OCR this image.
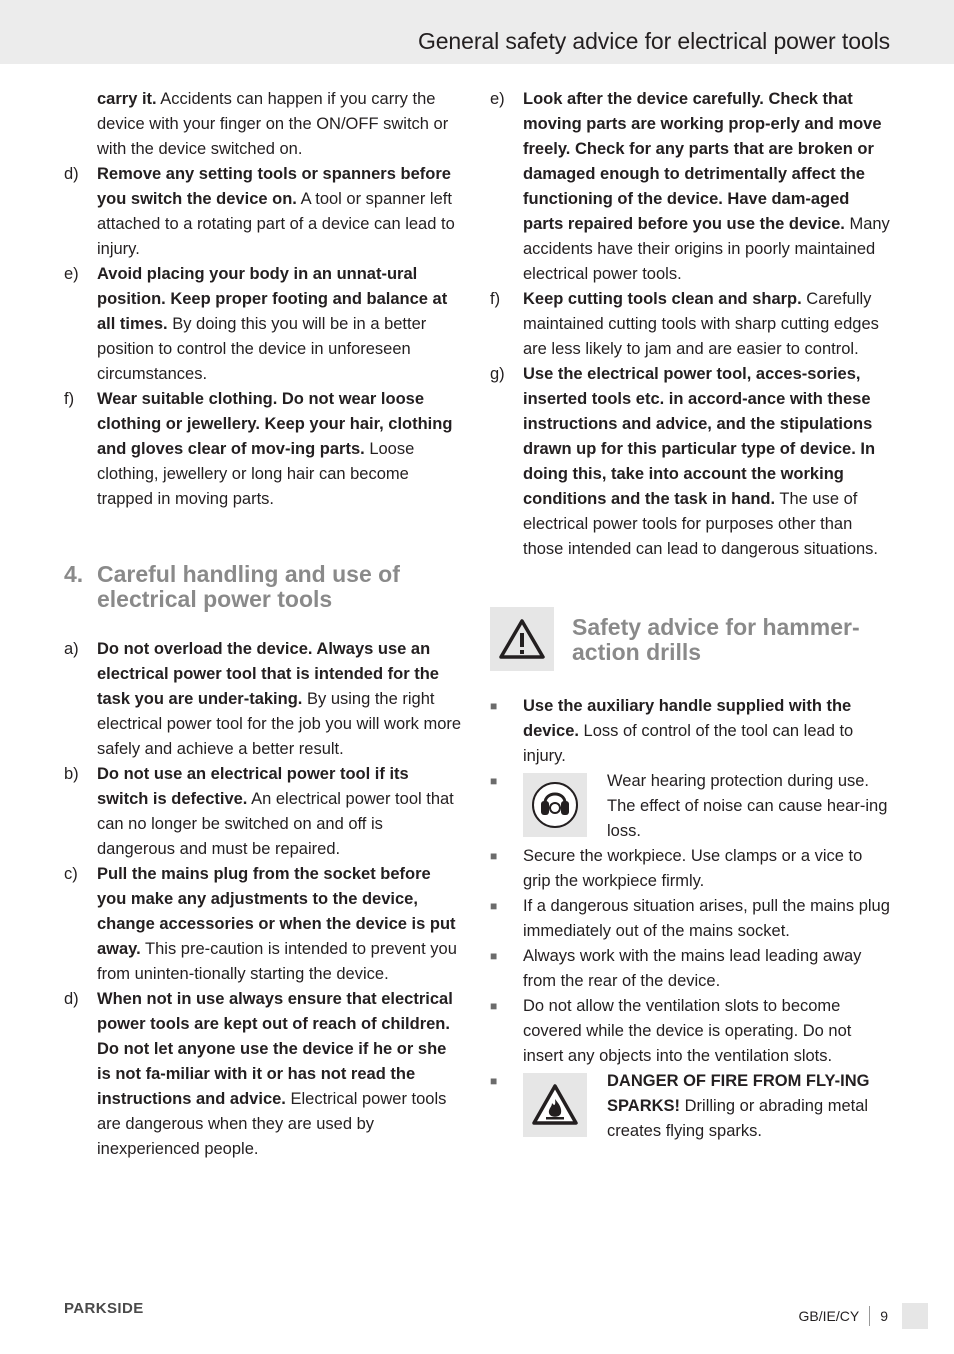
General safety advice for electrical power tools
carry it. Accidents can happen if you carry the device with your finger on the ON/OFF switch or with the device switched on.
d)	Remove any setting tools or spanners before you switch the device on. A tool or spanner left attached to a rotating part of a device can lead to injury.
e)	Avoid placing your body in an unnat-ural position. Keep proper footing and balance at all times. By doing this you will be in a better position to control the device in unforeseen circumstances.
f)	Wear suitable clothing. Do not wear loose clothing or jewellery. Keep your hair, clothing and gloves clear of mov-ing parts. Loose clothing, jewellery or long hair can become trapped in moving parts.
4. Careful handling and use of electrical power tools
a)	Do not overload the device. Always use an electrical power tool that is intended for the task you are under-taking. By using the right electrical power tool for the job you will work more safely and achieve a better result.
b)	Do not use an electrical power tool if its switch is defective. An electrical power tool that can no longer be switched on and off is dangerous and must be repaired.
c)	Pull the mains plug from the socket before you make any adjustments to the device, change accessories or when the device is put away. This pre-caution is intended to prevent you from uninten-tionally starting the device.
d)	When not in use always ensure that electrical power tools are kept out of reach of children. Do not let anyone use the device if he or she is not fa-miliar with it or has not read the instructions and advice. Electrical power tools are dangerous when they are used by inexperienced people.
e)	Look after the device carefully. Check that moving parts are working prop-erly and move freely. Check for any parts that are broken or damaged enough to detrimentally affect the functioning of the device. Have dam-aged parts repaired before you use the device. Many accidents have their origins in poorly maintained electrical power tools.
f)	Keep cutting tools clean and sharp. Carefully maintained cutting tools with sharp cutting edges are less likely to jam and are easier to control.
g)	Use the electrical power tool, acces-sories, inserted tools etc. in accord-ance with these instructions and advice, and the stipulations drawn up for this particular type of device. In doing this, take into account the working conditions and the task in hand. The use of electrical power tools for purposes other than those intended can lead to dangerous situations.
Safety advice for hammer-action drills
■	Use the auxiliary handle supplied with the device. Loss of control of the tool can lead to injury.
■	Wear hearing protection during use. The effect of noise can cause hear-ing loss.
■	Secure the workpiece. Use clamps or a vice to grip the workpiece firmly.
■	If a dangerous situation arises, pull the mains plug immediately out of the mains socket.
■	Always work with the mains lead leading away from the rear of the device.
■	Do not allow the ventilation slots to become covered while the device is operating. Do not insert any objects into the ventilation slots.
■	DANGER OF FIRE FROM FLY-ING SPARKS! Drilling or abrading metal creates flying sparks.
PARKSIDE	GB/IE/CY 9
